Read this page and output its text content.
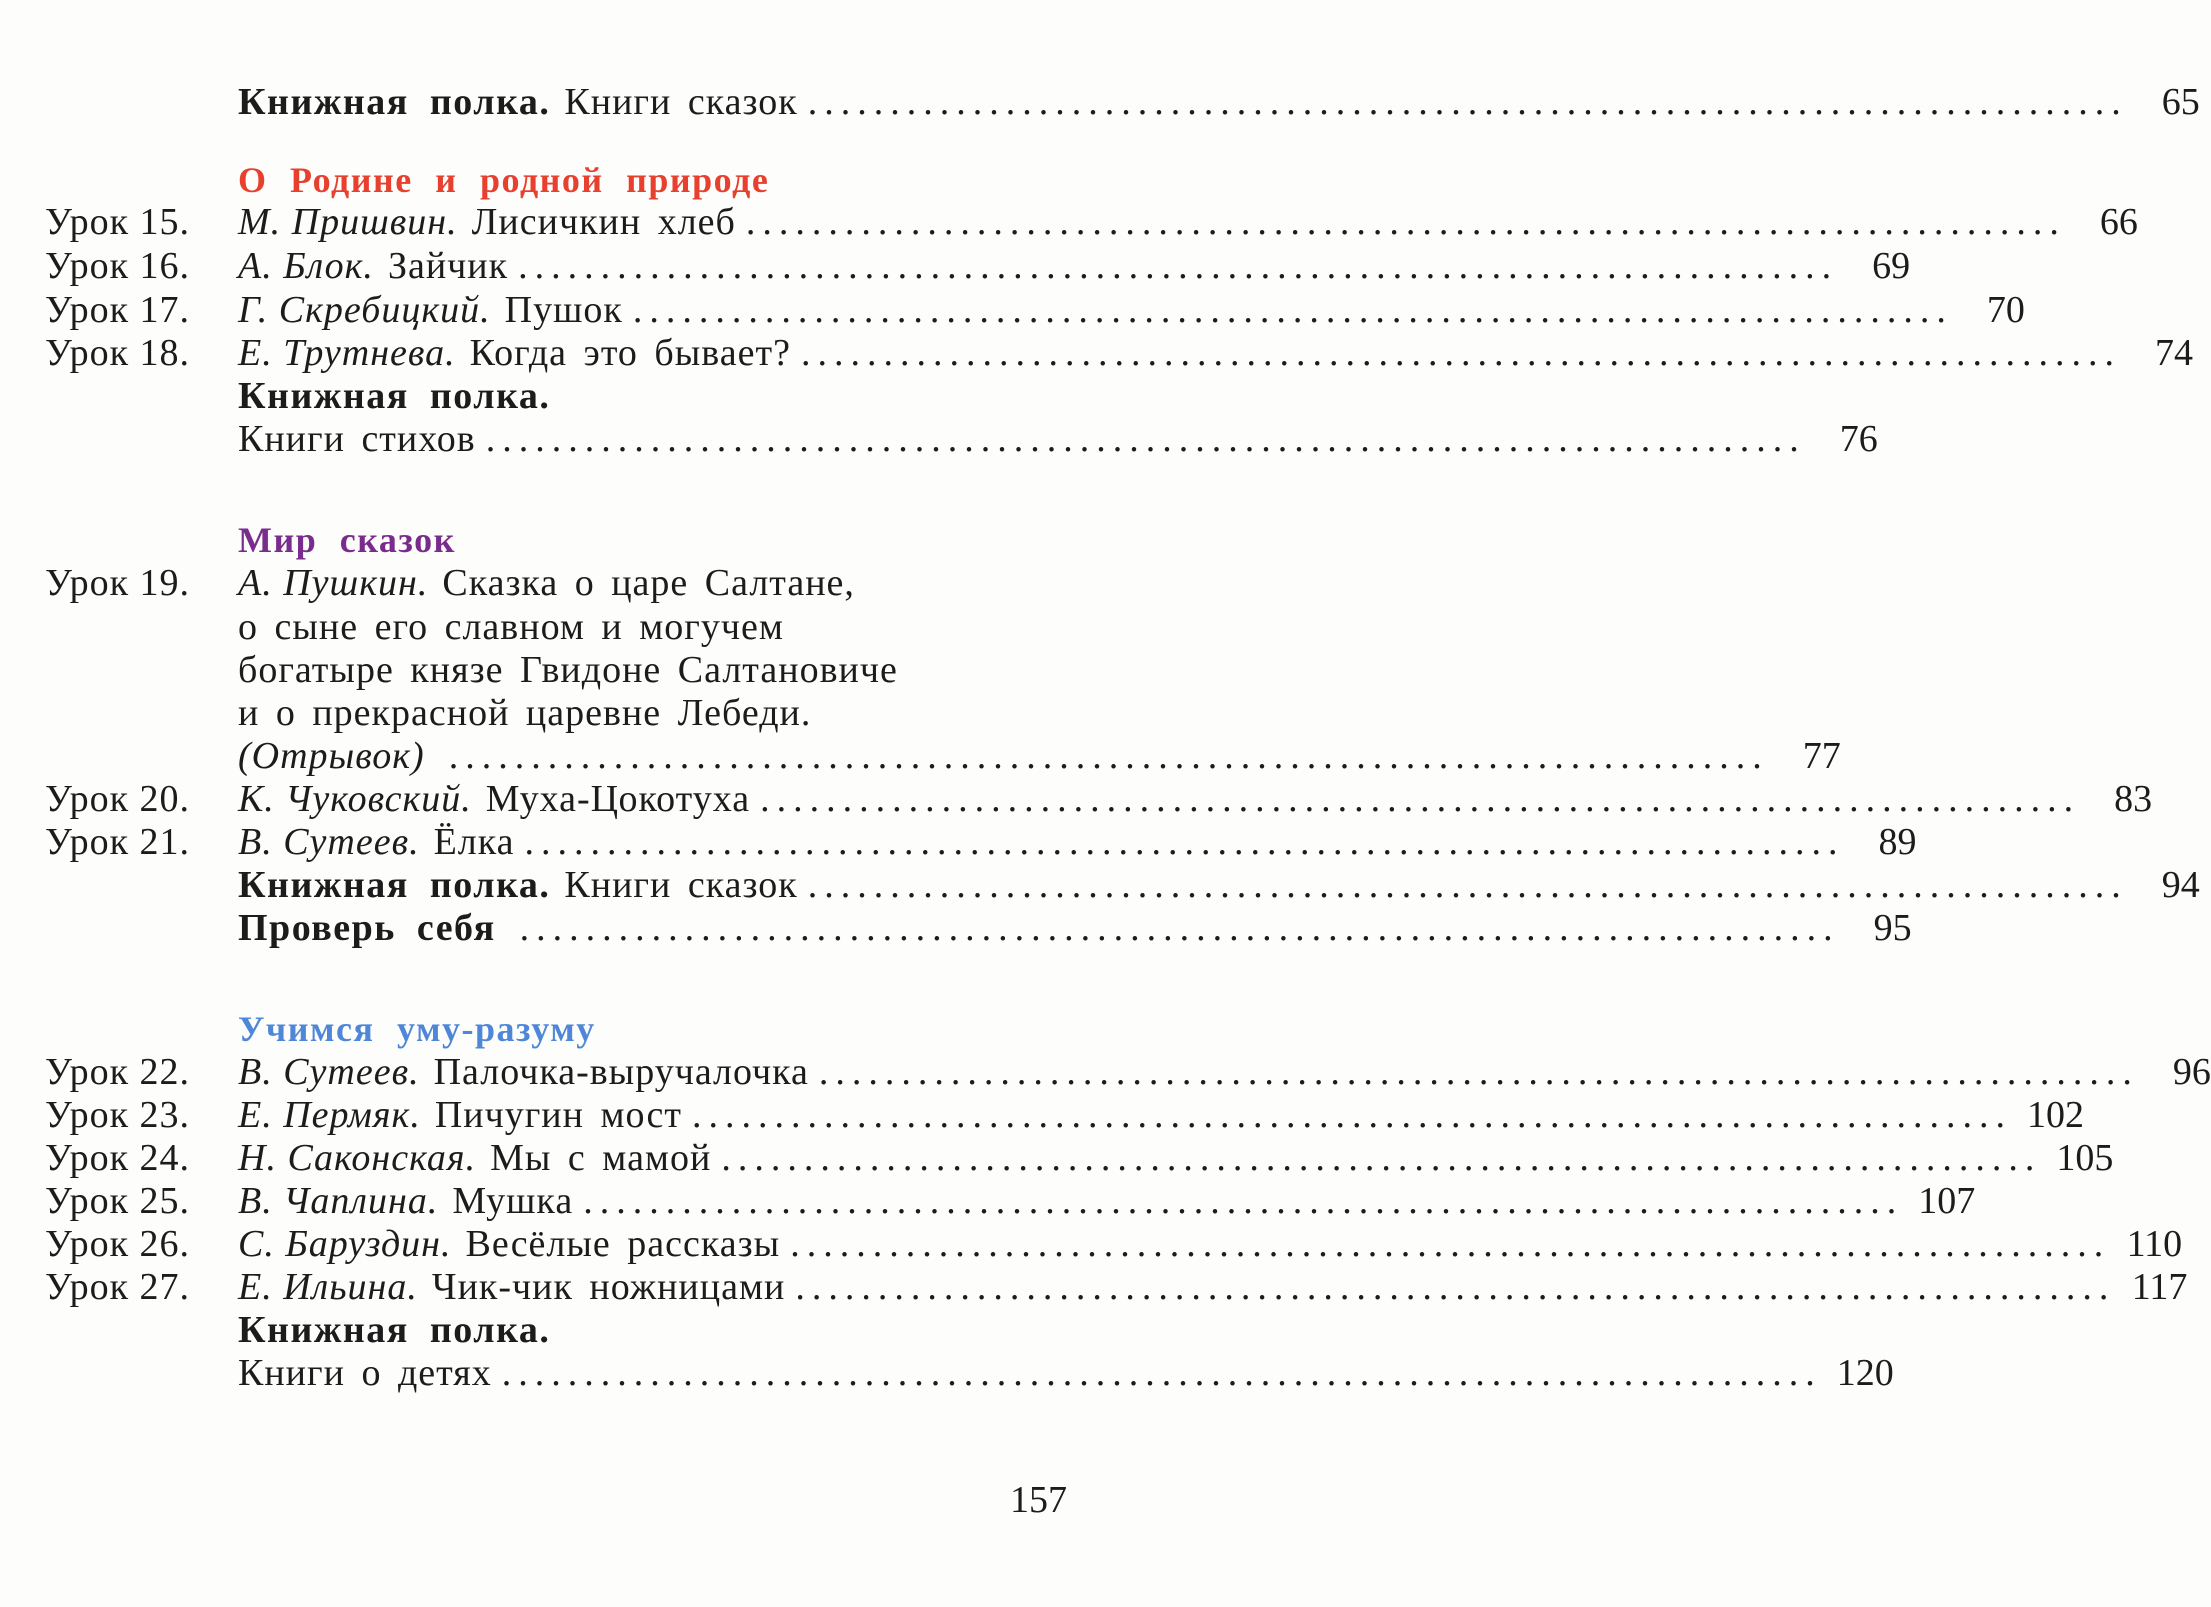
Книжная полка. Книги сказок ................................................................................ 65
О Родине и родной природе
Урок 15. М. Пришвин. Лисичкин хлеб ................................................................................ 66
Урок 16. А. Блок. Зайчик ................................................................................ 69
Урок 17. Г. Скребицкий. Пушок ................................................................................ 70
Урок 18. Е. Трутнева. Когда это бывает? ................................................................................ 74
Книжная полка.
Книги стихов ................................................................................ 76
Мир сказок
Урок 19. А. Пушкин. Сказка о царе Салтане,
о сыне его славном и могучем
богатыре князе Гвидоне Салтановиче
и о прекрасной царевне Лебеди.
(Отрывок) ................................................................................ 77
Урок 20. К. Чуковский. Муха-Цокотуха ................................................................................ 83
Урок 21. В. Сутеев. Ёлка ................................................................................ 89
Книжная полка. Книги сказок ................................................................................ 94
Проверь себя ................................................................................ 95
Учимся уму-разуму
Урок 22. В. Сутеев. Палочка-выручалочка ................................................................................ 96
Урок 23. Е. Пермяк. Пичугин мост ................................................................................ 102
Урок 24. Н. Саконская. Мы с мамой ................................................................................ 105
Урок 25. В. Чаплина. Мушка ................................................................................ 107
Урок 26. С. Баруздин. Весёлые рассказы ................................................................................ 110
Урок 27. Е. Ильина. Чик-чик ножницами ................................................................................ 117
Книжная полка.
Книги о детях ................................................................................ 120
157
